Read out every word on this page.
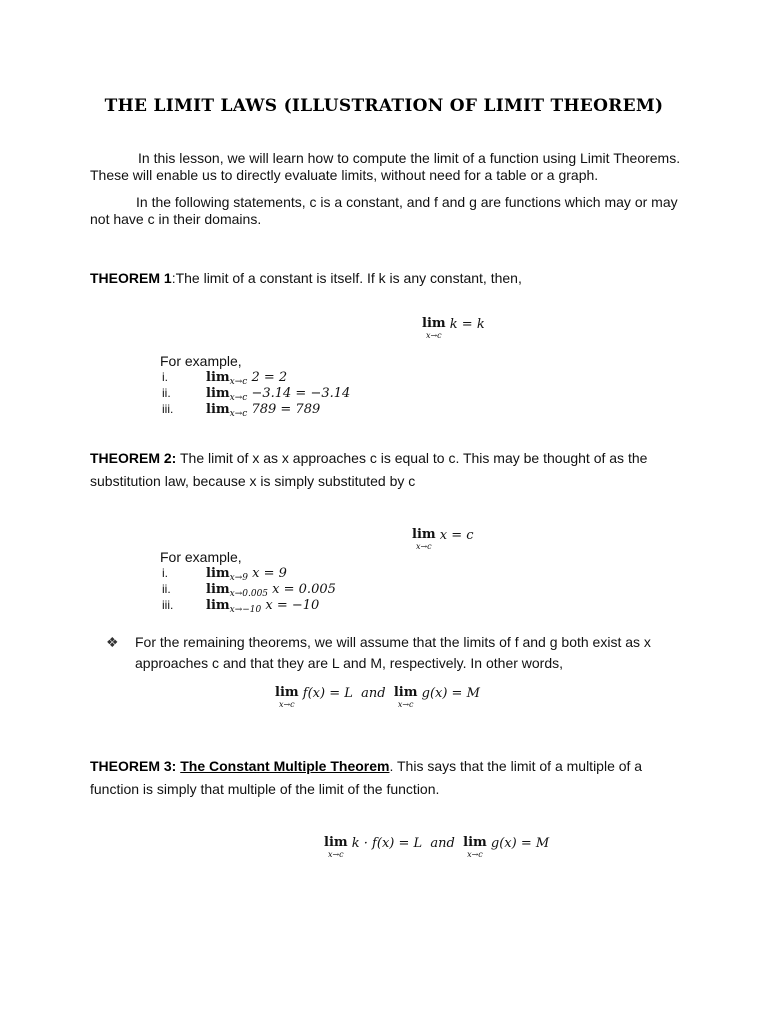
THE LIMIT LAWS (ILLUSTRATION OF LIMIT THEOREM)
In this lesson, we will learn how to compute the limit of a function using Limit Theorems. These will enable us to directly evaluate limits, without need for a table or a graph.
In the following statements, c is a constant, and f and g are functions which may or may not have c in their domains.
THEOREM 1:The limit of a constant is itself. If k is any constant, then,
lim
x→c
k = k
For example,
i.	$\lim_{x\to c} 2 = 2$
ii.	$\lim_{x\to c} -3.14 = -3.14$
iii.	$\lim_{x\to c} 789 = 789$
THEOREM 2: The limit of x as x approaches c is equal to c. This may be thought of as the
substitution law, because x is simply substituted by c
lim
x→c
x = c
For example,
i.	$\lim_{x\to 9} x = 9$
ii.	$\lim_{x\to 0.005} x = 0.005$
iii.	$\lim_{x\to-10} x = -10$
❖ For the remaining theorems, we will assume that the limits of f and g both exist as x
approaches c and that they are L and M, respectively. In other words,
lim
x→c
f(x) = L  and lim
x→c
g(x) = M
THEOREM 3: The Constant Multiple Theorem. This says that the limit of a multiple of a
function is simply that multiple of the limit of the function.
lim
x→c
k · f(x) = L  and lim
x→c
g(x) = M
